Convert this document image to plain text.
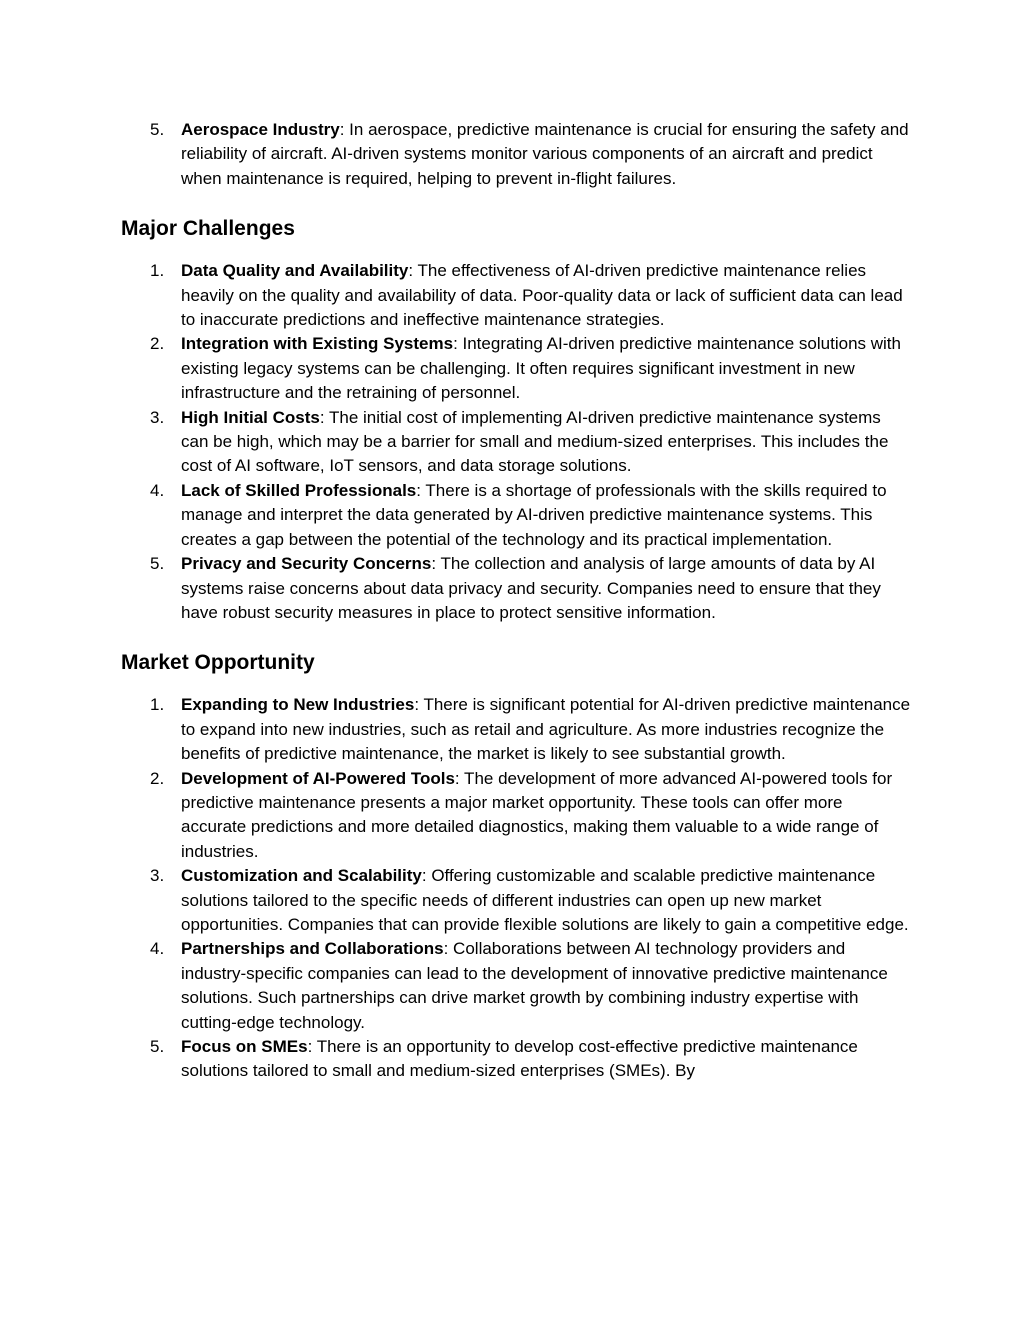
5. Aerospace Industry: In aerospace, predictive maintenance is crucial for ensuring the safety and reliability of aircraft. AI-driven systems monitor various components of an aircraft and predict when maintenance is required, helping to prevent in-flight failures.
Major Challenges
1. Data Quality and Availability: The effectiveness of AI-driven predictive maintenance relies heavily on the quality and availability of data. Poor-quality data or lack of sufficient data can lead to inaccurate predictions and ineffective maintenance strategies.
2. Integration with Existing Systems: Integrating AI-driven predictive maintenance solutions with existing legacy systems can be challenging. It often requires significant investment in new infrastructure and the retraining of personnel.
3. High Initial Costs: The initial cost of implementing AI-driven predictive maintenance systems can be high, which may be a barrier for small and medium-sized enterprises. This includes the cost of AI software, IoT sensors, and data storage solutions.
4. Lack of Skilled Professionals: There is a shortage of professionals with the skills required to manage and interpret the data generated by AI-driven predictive maintenance systems. This creates a gap between the potential of the technology and its practical implementation.
5. Privacy and Security Concerns: The collection and analysis of large amounts of data by AI systems raise concerns about data privacy and security. Companies need to ensure that they have robust security measures in place to protect sensitive information.
Market Opportunity
1. Expanding to New Industries: There is significant potential for AI-driven predictive maintenance to expand into new industries, such as retail and agriculture. As more industries recognize the benefits of predictive maintenance, the market is likely to see substantial growth.
2. Development of AI-Powered Tools: The development of more advanced AI-powered tools for predictive maintenance presents a major market opportunity. These tools can offer more accurate predictions and more detailed diagnostics, making them valuable to a wide range of industries.
3. Customization and Scalability: Offering customizable and scalable predictive maintenance solutions tailored to the specific needs of different industries can open up new market opportunities. Companies that can provide flexible solutions are likely to gain a competitive edge.
4. Partnerships and Collaborations: Collaborations between AI technology providers and industry-specific companies can lead to the development of innovative predictive maintenance solutions. Such partnerships can drive market growth by combining industry expertise with cutting-edge technology.
5. Focus on SMEs: There is an opportunity to develop cost-effective predictive maintenance solutions tailored to small and medium-sized enterprises (SMEs). By
